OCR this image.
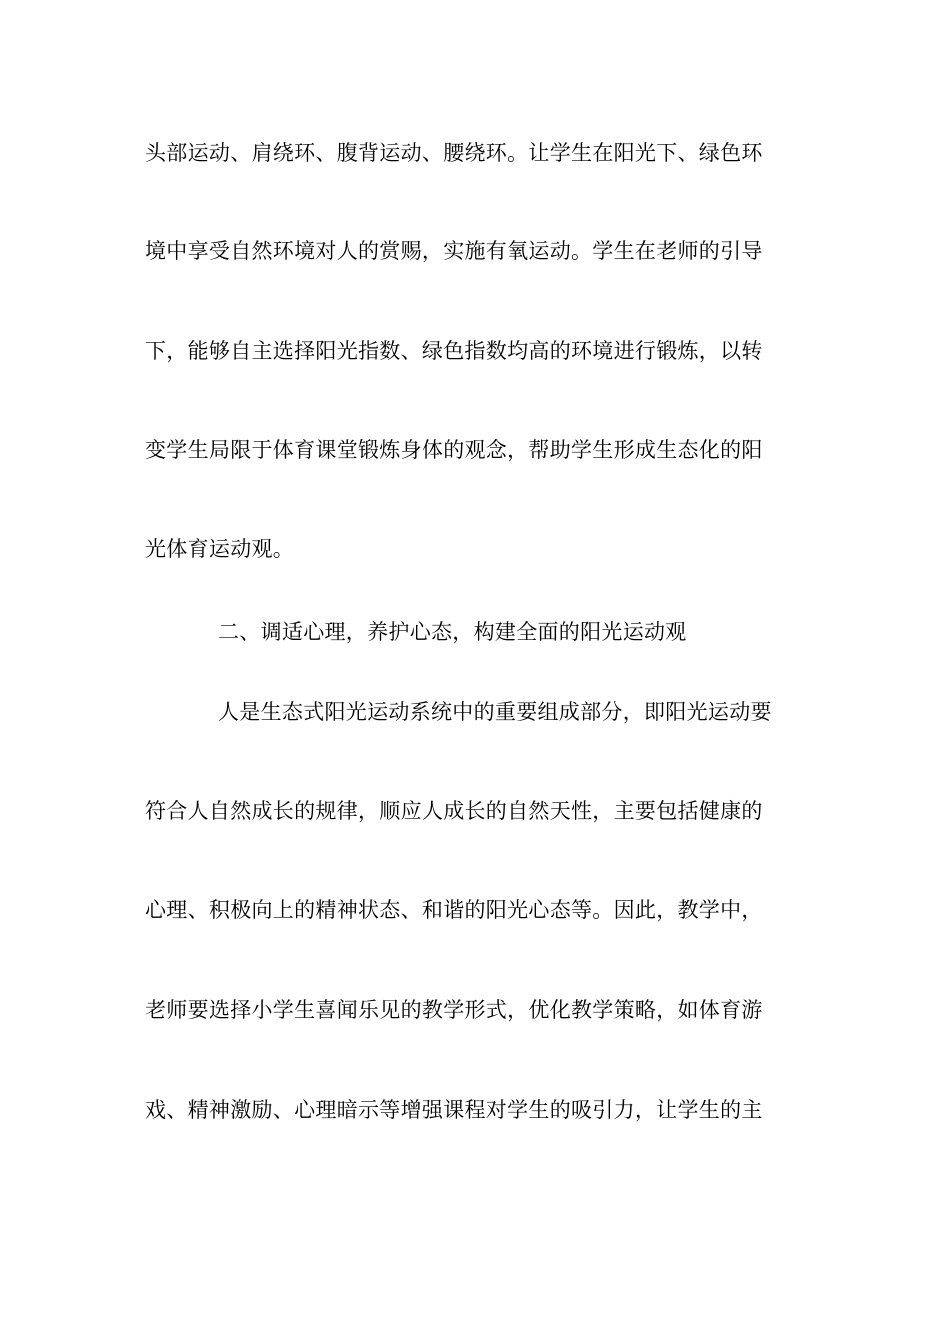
头部运动、肩绕环、腹背运动、腰绕环。让学生在阳光下、绿色环
境中享受自然环境对人的赏赐，实施有氧运动。学生在老师的引导
下，能够自主选择阳光指数、绿色指数均高的环境进行锻炼，以转
变学生局限于体育课堂锻炼身体的观念，帮助学生形成生态化的阳
光体育运动观。
二、调适心理，养护心态，构建全面的阳光运动观
人是生态式阳光运动系统中的重要组成部分，即阳光运动要
符合人自然成长的规律，顺应人成长的自然天性，主要包括健康的
心理、积极向上的精神状态、和谐的阳光心态等。因此，教学中，
老师要选择小学生喜闻乐见的教学形式，优化教学策略，如体育游
戏、精神激励、心理暗示等增强课程对学生的吸引力，让学生的主
